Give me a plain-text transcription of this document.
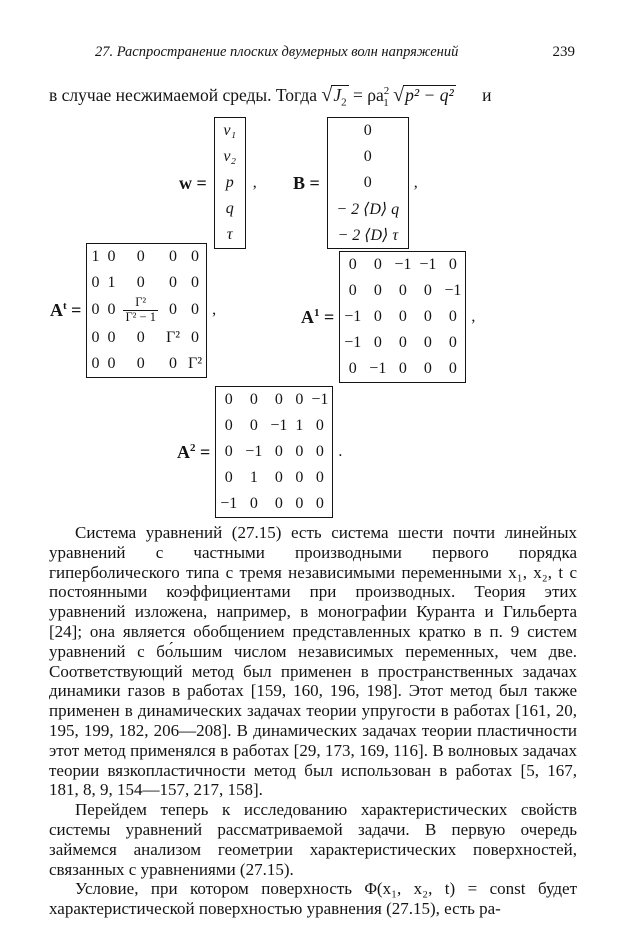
27. Распространение плоских двумерных волн напряжений	239
в случае несжимаемой среды. Тогда $√J_2 = \rho a^2_1$ √p² − q² и
w =	
v₁
v₂
p
q
τ
	, B =	
0
0
0
− 2 ⟨D⟩ q
− 2 ⟨D⟩ τ
	,
$A^t$ =	
1	0	0	0	0
0	1	0	0	0
0	0	$\frac{\text{Γ²}}{\text{Γ² − 1}}$	0	0
0	0	0	Γ²	0
0	0	0	0	Γ²
	,	$A^1$ =	
0	0	−1	−1	0
0	0	0	0	−1
−1	0	0	0	0
−1	0	0	0	0
0	−1	0	0	0
	,
$A^2$ =	
0	0	0	0	−1
0	0	−1	1	0
0	−1	0	0	0
0	1	0	0	0
−1	0	0	0	0
	.

Система уравнений (27.15) есть система шести почти линейных уравнений с частными производными первого порядка гиперболического типа с тремя независимыми переменными x₁, x₂, t с постоянными коэффициентами при производных. Теория этих уравнений изложена, например, в монографии Куранта и Гильберта [24]; она является обобщением представленных кратко в п. 9 систем уравнений с бо́льшим числом независимых переменных, чем две. Соответствующий метод был применен в пространственных задачах динамики газов в работах [159, 160, 196, 198]. Этот метод был также применен в динамических задачах теории упругости в работах [161, 20, 195, 199, 182, 206—208]. В динамических задачах теории пластичности этот метод применялся в работах [29, 173, 169, 116]. В волновых задачах теории вязкопластичности метод был использован в работах [5, 167, 181, 8, 9, 154—157, 217, 158].

Перейдем теперь к исследованию характеристических свойств системы уравнений рассматриваемой задачи. В первую очередь займемся анализом геометрии характеристических поверхностей, связанных с уравнениями (27.15).

Условие, при котором поверхность Φ(x₁, x₂, t) = const будет характеристической поверхностью уравнения (27.15), есть ра-
